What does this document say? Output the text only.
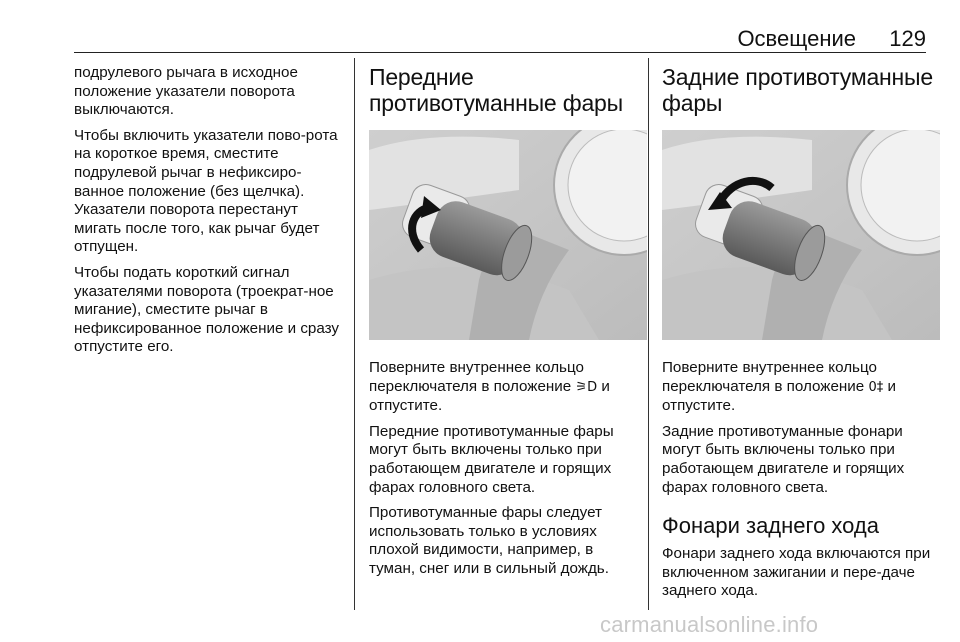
Освещение 129

подрулевого рычага в исходное положение указатели поворота выключаются.

Чтобы включить указатели пово‐рота на короткое время, сместите подрулевой рычаг в нефиксиро‐ванное положение (без щелчка). Указатели поворота перестанут мигать после того, как рычаг будет отпущен.

Чтобы подать короткий сигнал указателями поворота (троекрат‐ное мигание), сместите рычаг в нефиксированное положение и сразу отпустите его.

Передние противотуманные фары

Поверните внутреннее кольцо переключателя в положение ⚞D и отпустите.

Передние противотуманные фары могут быть включены только при работающем двигателе и горящих фарах головного света.

Противотуманные фары следует использовать только в условиях плохой видимости, например, в туман, снег или в сильный дождь.

Задние противотуманные фары

Поверните внутреннее кольцо переключателя в положение 0‡ и отпустите.

Задние противотуманные фонари могут быть включены только при работающем двигателе и горящих фарах головного света.

Фонари заднего хода

Фонари заднего хода включаются при включенном зажигании и пере‐даче заднего хода.

carmanualsonline.info
